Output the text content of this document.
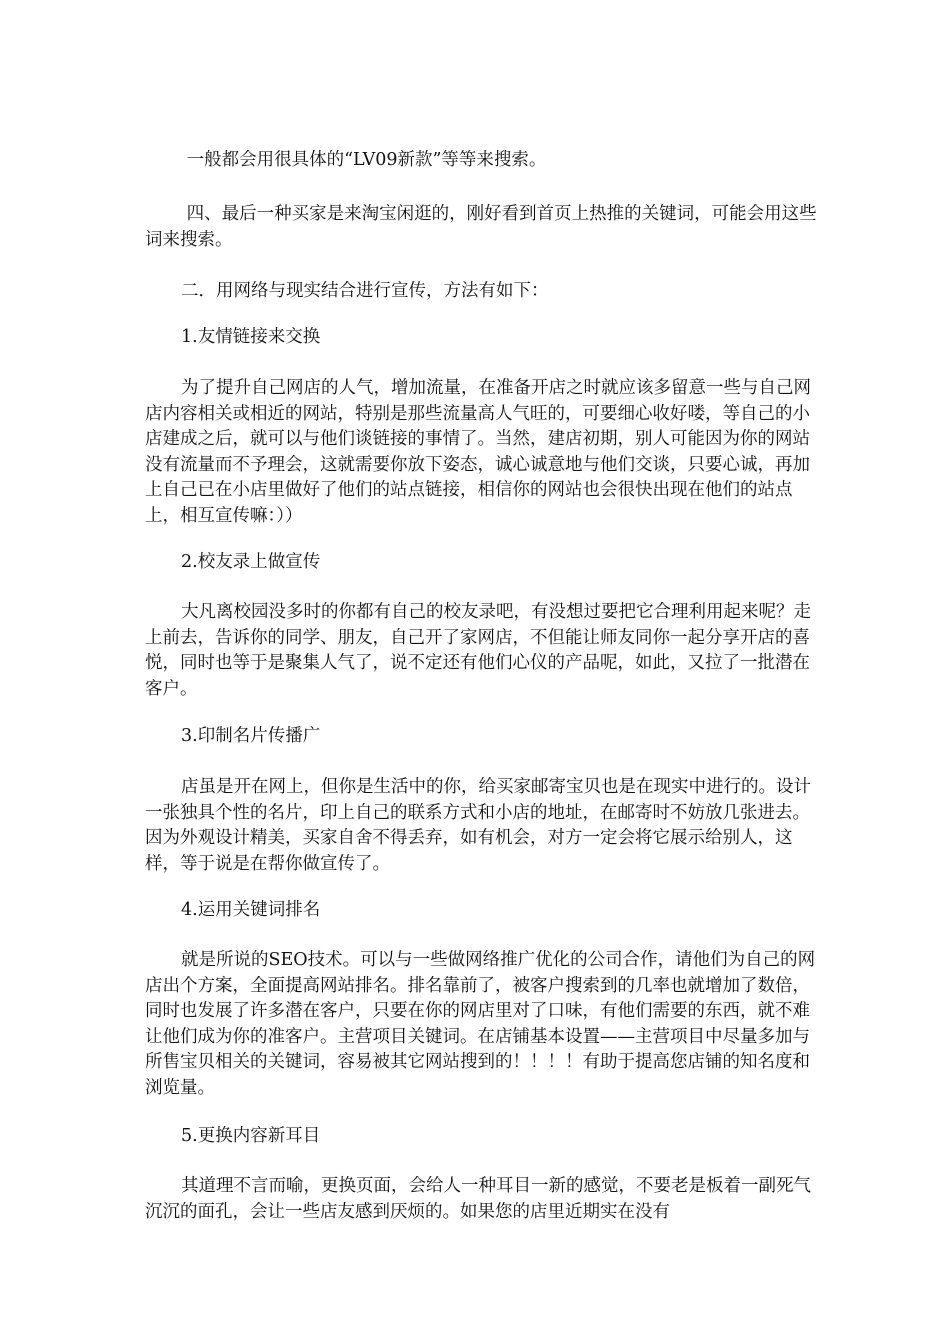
一般都会用很具体的“LV09新款”等等来搜索。

四、最后一种买家是来淘宝闲逛的，刚好看到首页上热推的关键词，可能会用这些词来搜索。

二．用网络与现实结合进行宣传，方法有如下：

1.友情链接来交换

为了提升自己网店的人气，增加流量，在准备开店之时就应该多留意一些与自己网店内容相关或相近的网站，特别是那些流量高人气旺的，可要细心收好喽，等自己的小店建成之后，就可以与他们谈链接的事情了。当然，建店初期，别人可能因为你的网站没有流量而不予理会，这就需要你放下姿态，诚心诚意地与他们交谈，只要心诚，再加上自己已在小店里做好了他们的站点链接，相信你的网站也会很快出现在他们的站点上，相互宣传嘛：））

2.校友录上做宣传

大凡离校园没多时的你都有自己的校友录吧，有没想过要把它合理利用起来呢？走上前去，告诉你的同学、朋友，自己开了家网店，不但能让师友同你一起分享开店的喜悦，同时也等于是聚集人气了，说不定还有他们心仪的产品呢，如此，又拉了一批潜在客户。

3.印制名片传播广

店虽是开在网上，但你是生活中的你，给买家邮寄宝贝也是在现实中进行的。设计一张独具个性的名片，印上自己的联系方式和小店的地址，在邮寄时不妨放几张进去。因为外观设计精美，买家自舍不得丢弃，如有机会，对方一定会将它展示给别人，这样，等于说是在帮你做宣传了。

4.运用关键词排名

就是所说的SEO技术。可以与一些做网络推广优化的公司合作，请他们为自己的网店出个方案，全面提高网站排名。排名靠前了，被客户搜索到的几率也就增加了数倍，同时也发展了许多潜在客户，只要在你的网店里对了口味，有他们需要的东西，就不难让他们成为你的准客户。主营项目关键词。在店铺基本设置——主营项目中尽量多加与所售宝贝相关的关键词，容易被其它网站搜到的！！！！有助于提高您店铺的知名度和浏览量。

5.更换内容新耳目

其道理不言而喻，更换页面，会给人一种耳目一新的感觉，不要老是板着一副死气沉沉的面孔，会让一些店友感到厌烦的。如果您的店里近期实在没有
